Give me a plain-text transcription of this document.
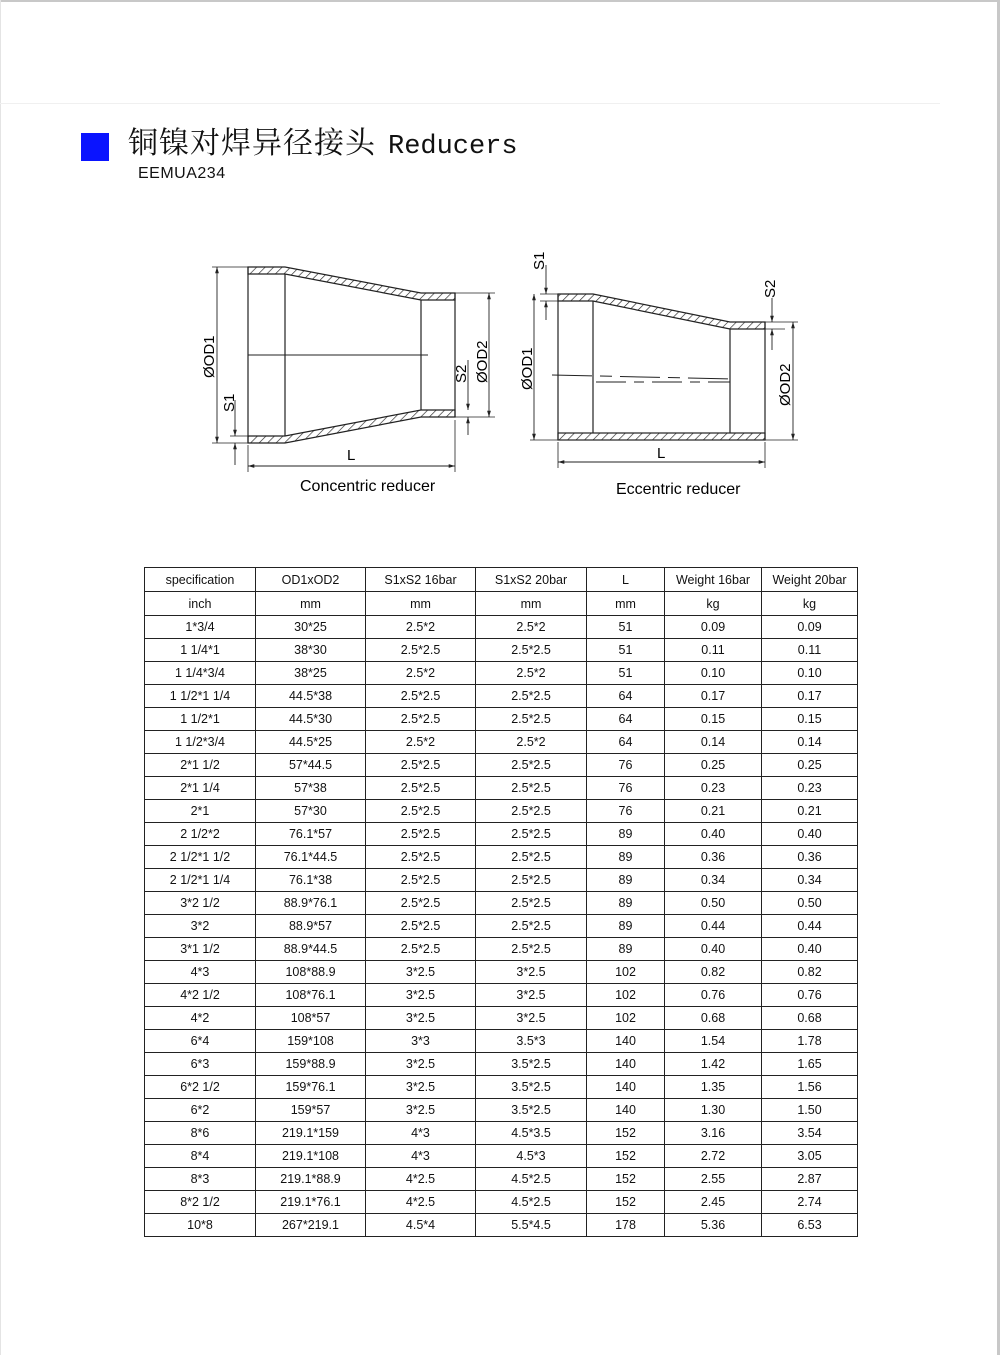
铜镍对焊异径接头 Reducers
EEMUA234
ØOD1
S1
S2 ØOD2
L
Concentric reducer
S1
ØOD1
S2
ØOD2
L
Eccentric reducer
specification	OD1xOD2	S1xS2 16bar	S1xS2 20bar	L	Weight 16bar	Weight 20bar
inch	mm	mm	mm	mm	kg	kg
1*3/4	30*25	2.5*2	2.5*2	51	0.09	0.09
1 1/4*1	38*30	2.5*2.5	2.5*2.5	51	0.11	0.11
1 1/4*3/4	38*25	2.5*2	2.5*2	51	0.10	0.10
1 1/2*1 1/4	44.5*38	2.5*2.5	2.5*2.5	64	0.17	0.17
1 1/2*1	44.5*30	2.5*2.5	2.5*2.5	64	0.15	0.15
1 1/2*3/4	44.5*25	2.5*2	2.5*2	64	0.14	0.14
2*1 1/2	57*44.5	2.5*2.5	2.5*2.5	76	0.25	0.25
2*1 1/4	57*38	2.5*2.5	2.5*2.5	76	0.23	0.23
2*1	57*30	2.5*2.5	2.5*2.5	76	0.21	0.21
2 1/2*2	76.1*57	2.5*2.5	2.5*2.5	89	0.40	0.40
2 1/2*1 1/2	76.1*44.5	2.5*2.5	2.5*2.5	89	0.36	0.36
2 1/2*1 1/4	76.1*38	2.5*2.5	2.5*2.5	89	0.34	0.34
3*2 1/2	88.9*76.1	2.5*2.5	2.5*2.5	89	0.50	0.50
3*2	88.9*57	2.5*2.5	2.5*2.5	89	0.44	0.44
3*1 1/2	88.9*44.5	2.5*2.5	2.5*2.5	89	0.40	0.40
4*3	108*88.9	3*2.5	3*2.5	102	0.82	0.82
4*2 1/2	108*76.1	3*2.5	3*2.5	102	0.76	0.76
4*2	108*57	3*2.5	3*2.5	102	0.68	0.68
6*4	159*108	3*3	3.5*3	140	1.54	1.78
6*3	159*88.9	3*2.5	3.5*2.5	140	1.42	1.65
6*2 1/2	159*76.1	3*2.5	3.5*2.5	140	1.35	1.56
6*2	159*57	3*2.5	3.5*2.5	140	1.30	1.50
8*6	219.1*159	4*3	4.5*3.5	152	3.16	3.54
8*4	219.1*108	4*3	4.5*3	152	2.72	3.05
8*3	219.1*88.9	4*2.5	4.5*2.5	152	2.55	2.87
8*2 1/2	219.1*76.1	4*2.5	4.5*2.5	152	2.45	2.74
10*8	267*219.1	4.5*4	5.5*4.5	178	5.36	6.53
